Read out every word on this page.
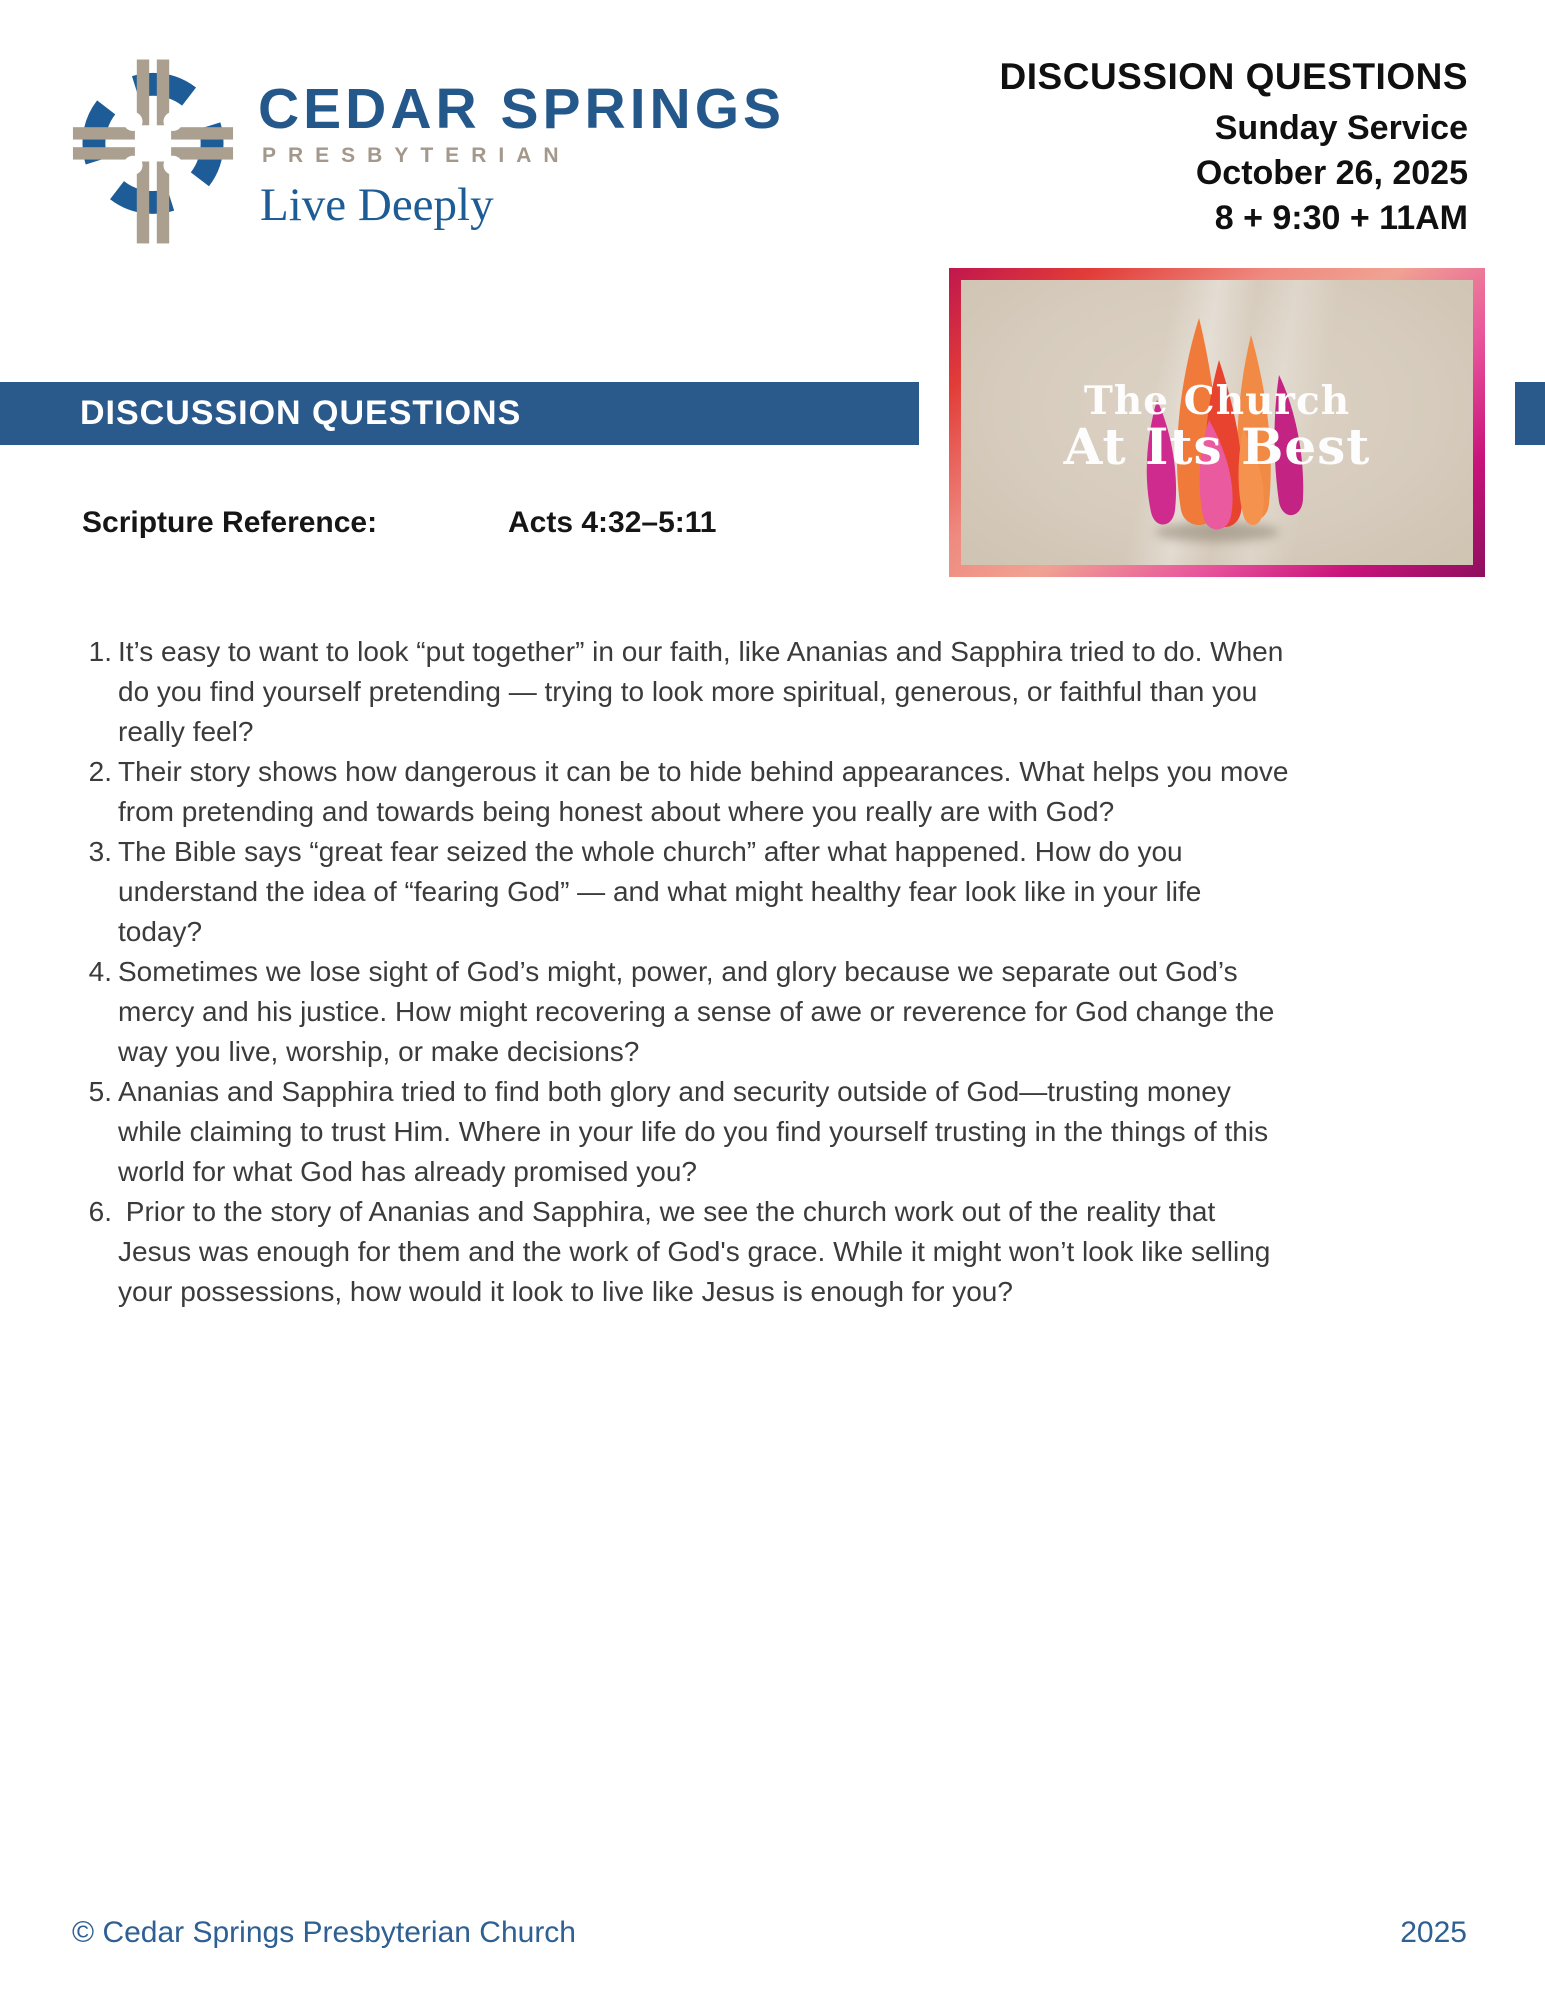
CEDAR SPRINGS
PRESBYTERIAN
Live Deeply
DISCUSSION QUESTIONS
Sunday Service
October 26, 2025
8 + 9:30 + 11AM
DISCUSSION QUESTIONS	The Church
At Its Best
Scripture Reference:	Acts 4:32–5:11
1. It’s easy to want to look “put together” in our faith, like Ananias and Sapphira tried to do. When do you find yourself pretending — trying to look more spiritual, generous, or faithful than you really feel?
2. Their story shows how dangerous it can be to hide behind appearances. What helps you move from pretending and towards being honest about where you really are with God?
3. The Bible says “great fear seized the whole church” after what happened. How do you understand the idea of “fearing God” — and what might healthy fear look like in your life today?
4. Sometimes we lose sight of God’s might, power, and glory because we separate out God’s mercy and his justice. How might recovering a sense of awe or reverence for God change the way you live, worship, or make decisions?
5. Ananias and Sapphira tried to find both glory and security outside of God—trusting money while claiming to trust Him. Where in your life do you find yourself trusting in the things of this world for what God has already promised you?
6. Prior to the story of Ananias and Sapphira, we see the church work out of the reality that Jesus was enough for them and the work of God's grace. While it might won’t look like selling your possessions, how would it look to live like Jesus is enough for you?
© Cedar Springs Presbyterian Church	2025
